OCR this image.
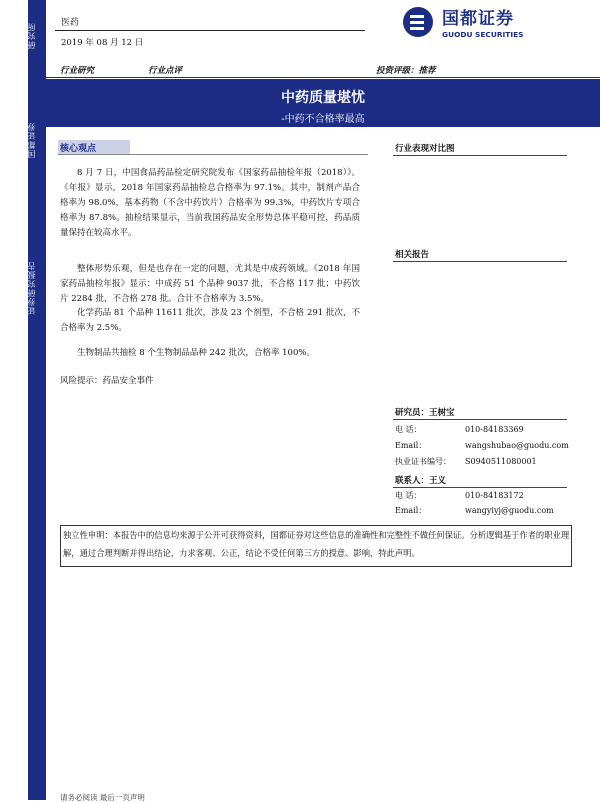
研究所
国都证券
证券研究报告
医药
2019 年 08 月 12 日
国都证券
GUODU SECURITIES
行业研究	行业点评	投资评级：推荐
中药质量堪忧
-中药不合格率最高
核心观点
8 月 7 日，中国食品药品检定研究院发布《国家药品抽检年报（2018）》。《年报》显示，2018 年国家药品抽检总合格率为 97.1%。其中，制剂产品合格率为 98.0%，基本药物（不含中药饮片）合格率为 99.3%，中药饮片专项合格率为 87.8%。抽检结果显示，当前我国药品安全形势总体平稳可控，药品质量保持在较高水平。
整体形势乐观，但是也存在一定的问题，尤其是中成药领域。《2018 年国家药品抽检年报》显示：中成药 51 个品种 9037 批，不合格 117 批；中药饮片 2284 批，不合格 278 批。合计不合格率为 3.5%。
化学药品 81 个品种 11611 批次，涉及 23 个剂型，不合格 291 批次，不合格率为 2.5%。
生物制品共抽检 8 个生物制品品种 242 批次，合格率 100%。
风险提示：药品安全事件
行业表现对比图
相关报告
研究员：王树宝
电 话：	010-84183369
Email：	wangshubao@guodu.com
执业证书编号： S0940511080001
联系人：王义
电 话：	010-84183172
Email：	wangyiyj@guodu.com
独立性申明：本报告中的信息均来源于公开可获得资料，国都证券对这些信息的准确性和完整性不做任何保证。分析逻辑基于作者的职业理解，通过合理判断并得出结论，力求客观、公正，结论不受任何第三方的授意、影响，特此声明。
请务必阅读 最后一页声明
